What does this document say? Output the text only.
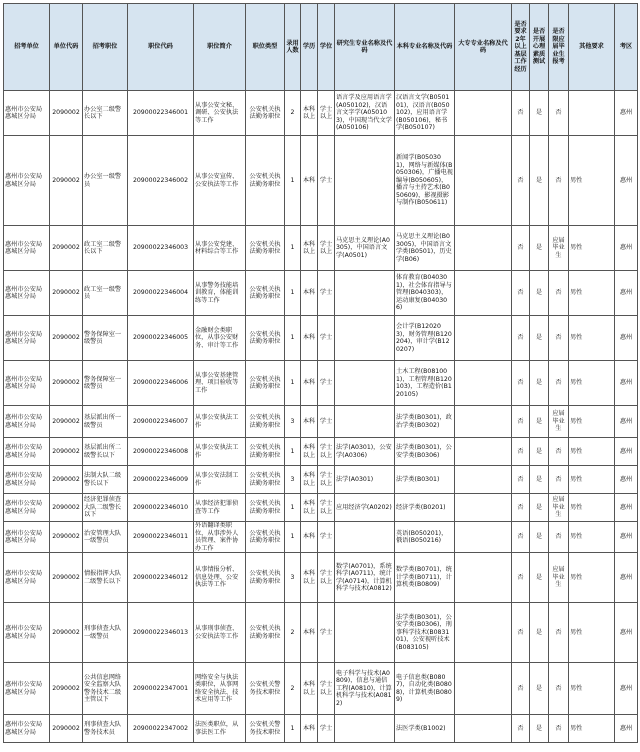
招考单位	单位代码	招考职位	职位代码	职位简介	职位类型	录用人数	学历	学位	研究生专业名称及代码	本科专业名称及代码	大专专业名称及代码	是否要求2年以上基层工作经历	是否开展心理素质测试	是否限应届毕业生报考	其他要求	考区
惠州市公安局惠城区分局	2090002	办公室二级警长以下	20900022346001	从事公安文秘、调研、公安执法等工作	公安机关执法勤务职位	2	本科以上	学士以上	语言学及应用语言学(A050102)，汉语言文字学(A050103)，中国现当代文学(A050106)	汉语言文学(B050101)，汉语言(B050102)，应用语言学(B050106)，秘书学(B050107)		否	是	否		惠州
惠州市公安局惠城区分局	2090002	办公室一级警员	20900022346002	从事公安宣传、公安执法等工作	公安机关执法勤务职位	1	本科	学士		新闻学(B050301)，网络与新媒体(B050306)，广播电视编导(B050605)，播音与主持艺术(B050609)，影视摄影与制作(B050611)		否	是	否	男性	惠州
惠州市公安局惠城区分局	2090002	政工室二级警长以下	20900022346003	从事公安党建、材料综合等工作	公安机关执法勤务职位	1	本科以上	学士以上	马克思主义理论(A0305)，中国语言文学(A0501)	马克思主义理论(B03005)，中国语言文学类(B0501)，历史学(B06)		否	是	应届毕业生	男性	惠州
惠州市公安局惠城区分局	2090002	政工室一级警员	20900022346004	从事警务技能培训教育，体能训练等工作	公安机关执法勤务职位	1	本科	学士		体育教育(B040301)，社会体育指导与管理(B040303)，运动康复(B040306)		否	是	否	男性	惠州
惠州市公安局惠城区分局	2090002	警务保障室一级警员	20900022346005	金融财会类职位，从事公安财务、审计等工作	公安机关执法勤务职位	1	本科	学士		会计学(B120203)，财务管理(B120204)，审计学(B120207)		否	是	否	男性	惠州
惠州市公安局惠城区分局	2090002	警务保障室一级警员	20900022346006	从事公安基建管理、项目验收等工作	公安机关执法勤务职位	1	本科	学士		土木工程(B081001)，工程管理(B120103)，工程造价(B120105)		否	是	否	男性	惠州
惠州市公安局惠城区分局	2090002	基层派出所一级警员	20900022346007	从事公安执法工作	公安机关执法勤务职位	3	本科	学士		法学类(B0301)，政治学类(B0302)		否	是	应届毕业生	男性	惠州
惠州市公安局惠城区分局	2090002	基层派出所二级警长以下	20900022346008	从事公安执法工作	公安机关执法勤务职位	1	本科以上	学士以上	法学(A0301)，公安学(A0306)	法学类(B0301)，公安学类(B0306)		否	是	否	男性	惠州
惠州市公安局惠城区分局	2090002	法制大队二级警长以下	20900022346009	从事公安法制工作	公安机关执法勤务职位	3	本科以上	学士以上	法学(A0301)	法学类(B0301)		否	是	否	男性	惠州
惠州市公安局惠城区分局	2090002	经济犯罪侦查大队二级警长以下	20900022346010	从事经济犯罪侦查等工作	公安机关执法勤务职位	1	本科以上	学士以上	应用经济学(A0202)	经济学类(B0201)		否	是	应届毕业生	男性	惠州
惠州市公安局惠城区分局	2090002	治安管理大队一级警员	20900022346011	外语翻译类职位，从事涉外人员管理、案件协办工作	公安机关执法勤务职位	1	本科	学士		英语(B050201)，俄语(B050216)		否	是	否	男性	惠州
惠州市公安局惠城区分局	2090002	情报指挥大队二级警长以下	20900022346012	从事情报分析、信息处理、公安执法等工作	公安机关执法勤务职位	3	本科以上	学士以上	数学(A0701)，系统科学(A0711)，统计学(A0714)，计算机科学与技术(A0812)	数学类(B0701)，统计学类(B0711)，计算机类(B0809)		否	是	应届毕业生	男性	惠州
惠州市公安局惠城区分局	2090002	刑事侦查大队一级警员	20900022346013	从事刑事侦查、公安执法等工作	公安机关执法勤务职位	2	本科	学士		法学类(B0301)，公安学类(B0306)，刑事科学技术(B083101)，公安视听技术(B083105)		否	是	否	男性	惠州
惠州市公安局惠城区分局	2090002	公共信息网络安全监察大队警务技术二级主管以下	20900022347001	网络安全与执法类职位，从事网络安全执法、技术应用等工作	公安机关警务技术职位	2	本科以上	学士以上	电子科学与技术(A0809)，信息与通信工程(A0810)，计算机科学与技术(A0812)	电子信息类(B0807)，自动化类(B0808)，计算机类(B0809)		否	是	否	男性	惠州
惠州市公安局惠城区分局	2090002	刑事侦查大队警务技术员	20900022347002	法医类职位，从事法医工作	公安机关警务技术职位	1	本科	学士		法医学类(B1002)		否	是	否	男性	惠州
